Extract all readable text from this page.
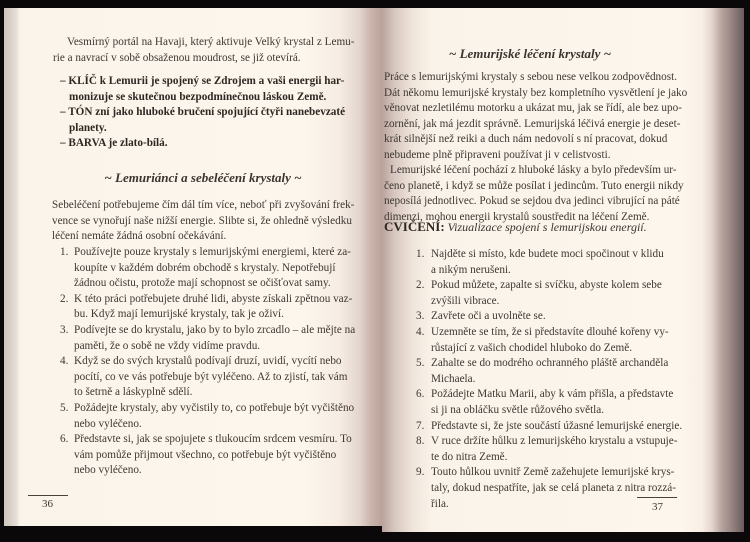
Vesmírný portál na Havaji, který aktivuje Velký krystal z Lemu-
rie a navrací v sobě obsaženou moudrost, se již otevírá.
– KLÍČ k Lemurii je spojený se Zdrojem a vaši energii har-
monizuje se skutečnou bezpodmínečnou láskou Země.
– TÓN zní jako hluboké bručení spojující čtyři nanebevzaté
planety.
– BARVA je zlato-bílá.
~ Lemuriánci a sebeléčení krystaly ~
Sebeléčení potřebujeme čím dál tím více, neboť při zvyšování frek-
vence se vynořují naše nižší energie. Slibte si, že ohledně výsledku
léčení nemáte žádná osobní očekávání.
1. Používejte pouze krystaly s lemurijskými energiemi, které za-
koupíte v každém dobrém obchodě s krystaly. Nepotřebují
žádnou očistu, protože mají schopnost se očišťovat samy.
2. K této práci potřebujete druhé lidi, abyste získali zpětnou vaz-
bu. Když mají lemurijské krystaly, tak je oživí.
3. Podívejte se do krystalu, jako by to bylo zrcadlo – ale mějte na
paměti, že o sobě ne vždy vidíme pravdu.
4. Když se do svých krystalů podívají druzí, uvidí, vycítí nebo
pocítí, co ve vás potřebuje být vyléčeno. Až to zjistí, tak vám
to šetrně a láskyplně sdělí.
5. Požádejte krystaly, aby vyčistily to, co potřebuje být vyčištěno
nebo vyléčeno.
6. Představte si, jak se spojujete s tlukoucím srdcem vesmíru. To
vám pomůže přijmout všechno, co potřebuje být vyčištěno
nebo vyléčeno.
36
~ Lemurijské léčení krystaly ~
Práce s lemurijskými krystaly s sebou nese velkou zodpovědnost.
Dát někomu lemurijské krystaly bez kompletního vysvětlení je jako
věnovat nezletilému motorku a ukázat mu, jak se řídí, ale bez upo-
zornění, jak má jezdit správně. Lemurijská léčivá energie je deset-
krát silnější než reiki a duch nám nedovolí s ní pracovat, dokud
nebudeme plně připraveni používat ji v celistvosti.
Lemurijské léčení pochází z hluboké lásky a bylo především ur-
čeno planetě, i když se může posílat i jedincům. Tuto energii nikdy
neposílá jednotlivec. Pokud se sejdou dva jedinci vibrující na páté
dimenzi, mohou energii krystalů soustředit na léčení Země.
CVIČENÍ: Vizualizace spojení s lemurijskou energií.
1. Najděte si místo, kde budete moci spočinout v klidu
a nikým nerušeni.
2. Pokud můžete, zapalte si svíčku, abyste kolem sebe
zvýšili vibrace.
3. Zavřete oči a uvolněte se.
4. Uzemněte se tím, že si představíte dlouhé kořeny vy-
růstající z vašich chodidel hluboko do Země.
5. Zahalte se do modrého ochranného pláště archanděla
Michaela.
6. Požádejte Matku Marii, aby k vám přišla, a představte
si ji na obláčku světle růžového světla.
7. Představte si, že jste součástí úžasné lemurijské energie.
8. V ruce držíte hůlku z lemurijského krystalu a vstupuje-
te do nitra Země.
9. Touto hůlkou uvnitř Země zažehujete lemurijské krys-
taly, dokud nespatříte, jak se celá planeta z nitra rozzá-
řila.	37
